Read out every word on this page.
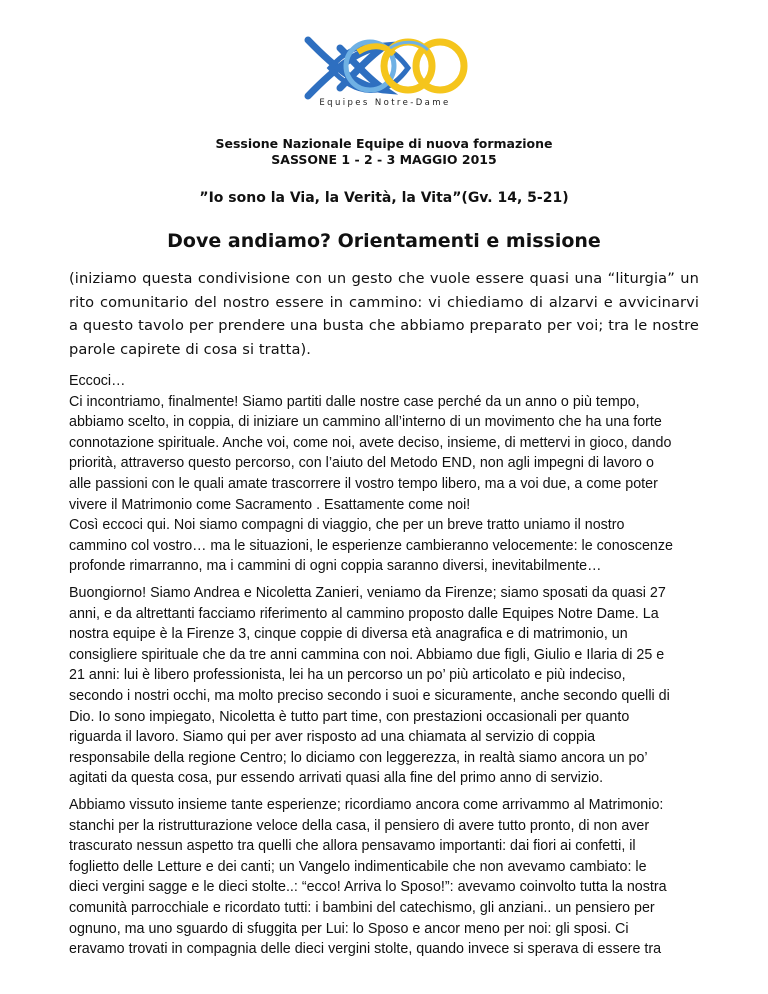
Equipes Notre-Dame
Sessione Nazionale Equipe di nuova formazione
SASSONE 1 - 2 - 3 MAGGIO 2015
”Io sono la Via, la Verità, la Vita”(Gv. 14, 5-21)
Dove andiamo? Orientamenti e missione
(iniziamo questa condivisione con un gesto che vuole essere quasi una “liturgia” un rito comunitario del nostro essere in cammino: vi chiediamo di alzarvi e avvicinarvi a questo tavolo per prendere una busta che abbiamo preparato per voi; tra le nostre parole capirete di cosa si tratta).
Eccoci…
Ci incontriamo, finalmente! Siamo partiti dalle nostre case perché da un anno o più tempo,
abbiamo scelto, in coppia, di iniziare un cammino all’interno di un movimento che ha una forte
connotazione spirituale. Anche voi, come noi, avete deciso, insieme, di mettervi in gioco, dando
priorità, attraverso questo percorso, con l’aiuto del Metodo END, non agli impegni di lavoro o
alle passioni con le quali amate trascorrere il vostro tempo libero, ma a voi due, a come poter
vivere il Matrimonio come Sacramento . Esattamente come noi!
Così eccoci qui. Noi siamo compagni di viaggio, che per un breve tratto uniamo il nostro
cammino col vostro… ma le situazioni, le esperienze cambieranno velocemente: le conoscenze
profonde rimarranno, ma i cammini di ogni coppia saranno diversi, inevitabilmente…
Buongiorno! Siamo Andrea e Nicoletta Zanieri, veniamo da Firenze; siamo sposati da quasi 27
anni, e da altrettanti facciamo riferimento al cammino proposto dalle Equipes Notre Dame. La
nostra equipe è la Firenze 3, cinque coppie di diversa età anagrafica e di matrimonio, un
consigliere spirituale che da tre anni cammina con noi. Abbiamo due figli, Giulio e Ilaria di 25 e
21 anni: lui è libero professionista, lei ha un percorso un po’ più articolato e più indeciso,
secondo i nostri occhi, ma molto preciso secondo i suoi e sicuramente, anche secondo quelli di
Dio. Io sono impiegato, Nicoletta è tutto part time, con prestazioni occasionali per quanto
riguarda il lavoro. Siamo qui per aver risposto ad una chiamata al servizio di coppia
responsabile della regione Centro; lo diciamo con leggerezza, in realtà siamo ancora un po’
agitati da questa cosa, pur essendo arrivati quasi alla fine del primo anno di servizio.
Abbiamo vissuto insieme tante esperienze; ricordiamo ancora come arrivammo al Matrimonio:
stanchi per la ristrutturazione veloce della casa, il pensiero di avere tutto pronto, di non aver
trascurato nessun aspetto tra quelli che allora pensavamo importanti: dai fiori ai confetti, il
foglietto delle Letture e dei canti; un Vangelo indimenticabile che non avevamo cambiato: le
dieci vergini sagge e le dieci stolte..: “ecco! Arriva lo Sposo!”: avevamo coinvolto tutta la nostra
comunità parrocchiale e ricordato tutti: i bambini del catechismo, gli anziani.. un pensiero per
ognuno, ma uno sguardo di sfuggita per Lui: lo Sposo e ancor meno per noi: gli sposi. Ci
eravamo trovati in compagnia delle dieci vergini stolte, quando invece si sperava di essere tra
